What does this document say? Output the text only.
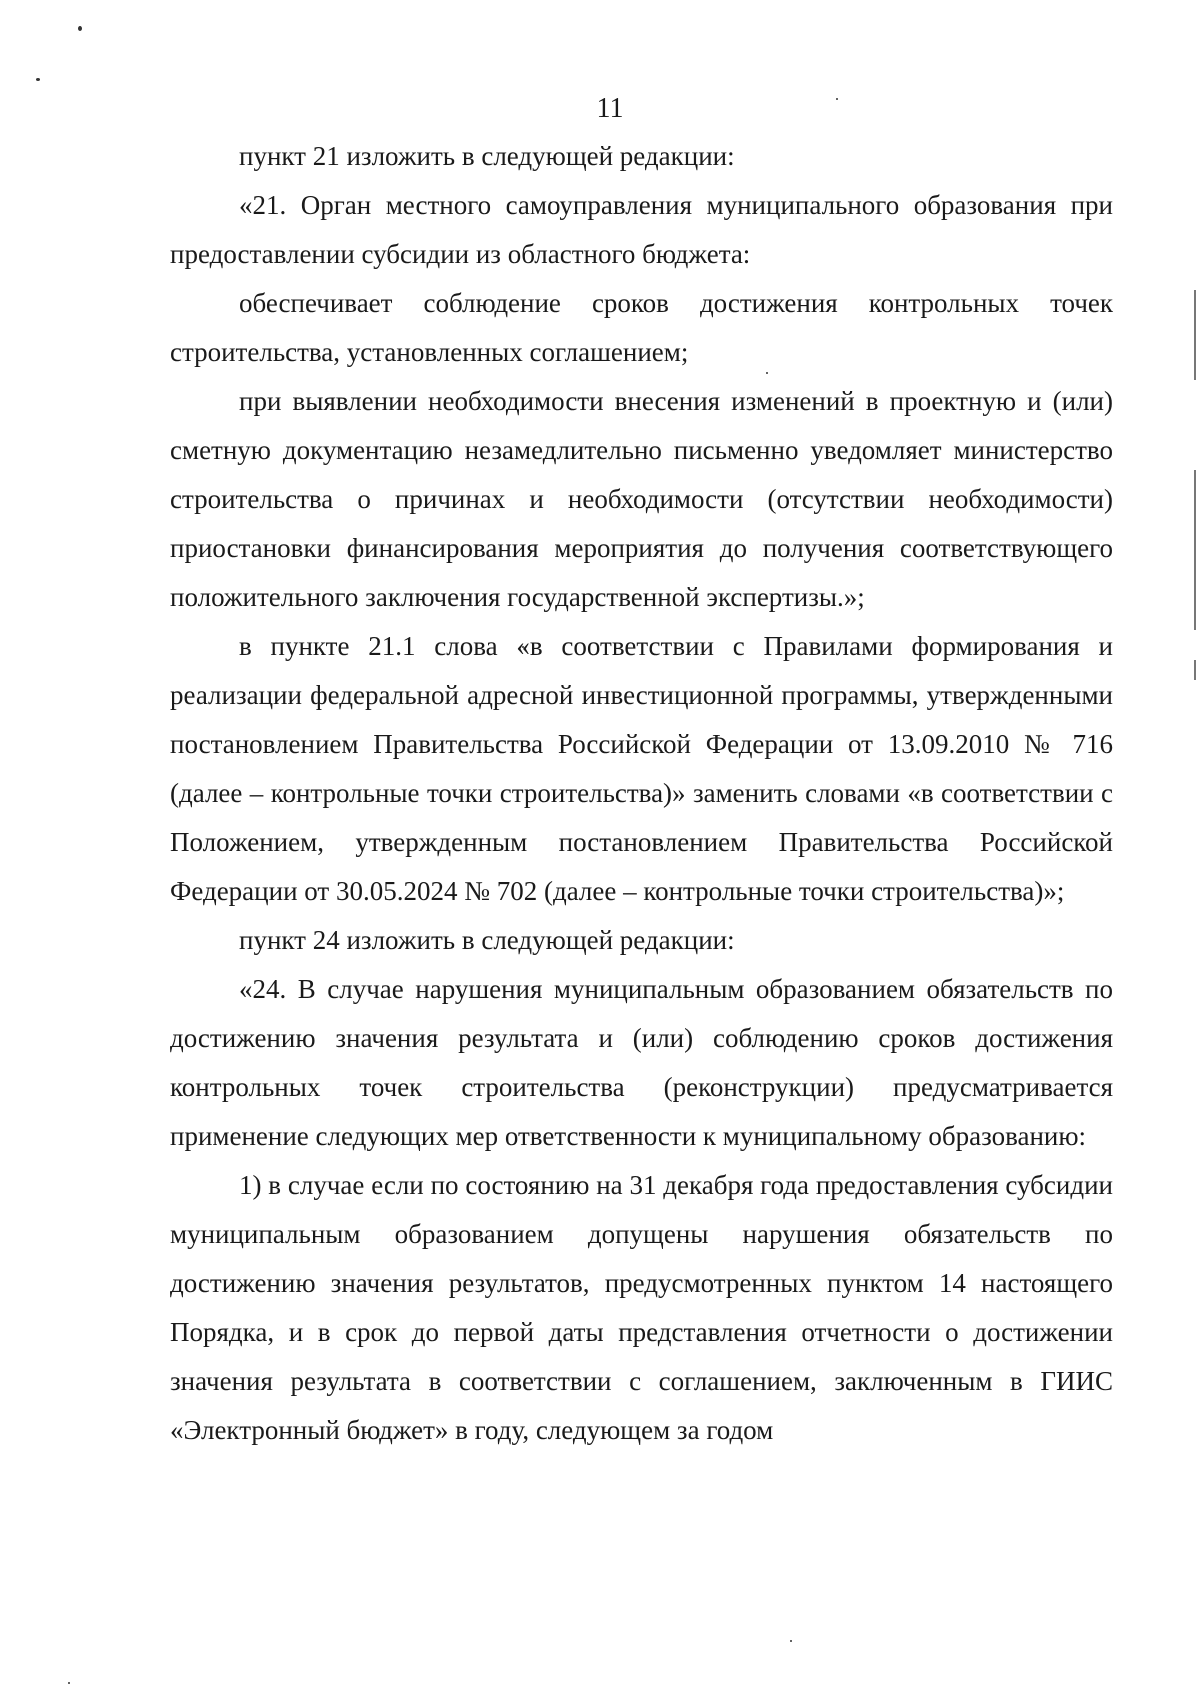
11

пункт 21 изложить в следующей редакции:

«21. Орган местного самоуправления муниципального образования при предоставлении субсидии из областного бюджета:

обеспечивает соблюдение сроков достижения контрольных точек строительства, установленных соглашением;

при выявлении необходимости внесения изменений в проектную и (или) сметную документацию незамедлительно письменно уведомляет министерство строительства о причинах и необходимости (отсутствии необходимости) приостановки финансирования мероприятия до получения соответствующего положительного заключения государственной экспертизы.»;

в пункте 21.1 слова «в соответствии с Правилами формирования и реализации федеральной адресной инвестиционной программы, утвержденными постановлением Правительства Российской Федерации от 13.09.2010 № 716 (далее – контрольные точки строительства)» заменить словами «в соответствии с Положением, утвержденным постановлением Правительства Российской Федерации от 30.05.2024 № 702 (далее – контрольные точки строительства)»;

пункт 24 изложить в следующей редакции:

«24. В случае нарушения муниципальным образованием обязательств по достижению значения результата и (или) соблюдению сроков достижения контрольных точек строительства (реконструкции) предусматривается применение следующих мер ответственности к муниципальному образованию:

1) в случае если по состоянию на 31 декабря года предоставления субсидии муниципальным образованием допущены нарушения обязательств по достижению значения результатов, предусмотренных пунктом 14 настоящего Порядка, и в срок до первой даты представления отчетности о достижении значения результата в соответствии с соглашением, заключенным в ГИИС «Электронный бюджет» в году, следующем за годом
